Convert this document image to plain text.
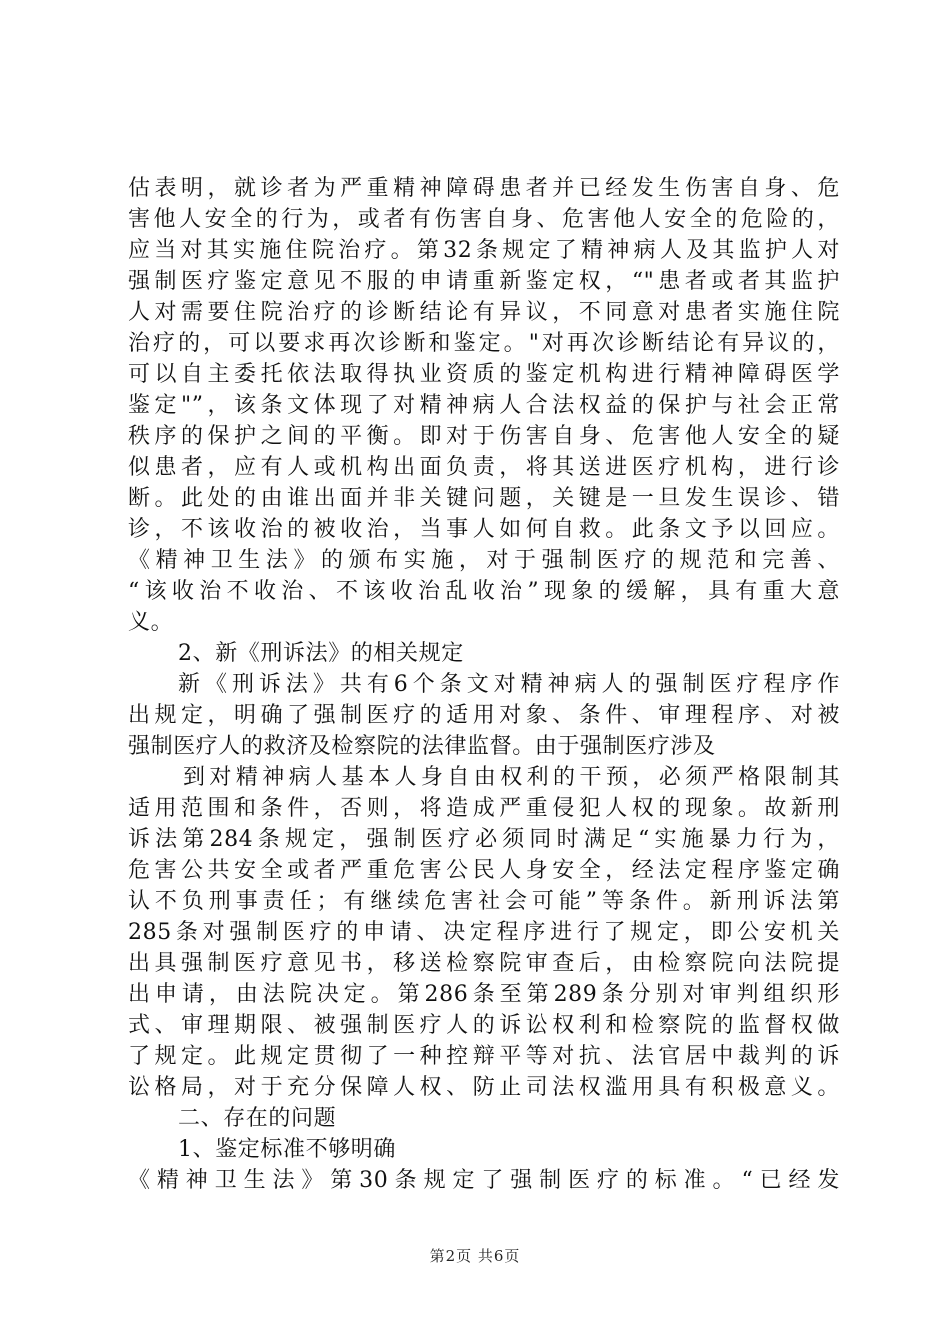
估表明，就诊者为严重精神障碍患者并已经发生伤害自身、危
害他人安全的行为，或者有伤害自身、危害他人安全的危险的，
应当对其实施住院治疗。第32条规定了精神病人及其监护人对
强制医疗鉴定意见不服的申请重新鉴定权，“"患者或者其监护
人对需要住院治疗的诊断结论有异议，不同意对患者实施住院
治疗的，可以要求再次诊断和鉴定。"对再次诊断结论有异议的，
可以自主委托依法取得执业资质的鉴定机构进行精神障碍医学
鉴定"”，该条文体现了对精神病人合法权益的保护与社会正常
秩序的保护之间的平衡。即对于伤害自身、危害他人安全的疑
似患者，应有人或机构出面负责，将其送进医疗机构，进行诊
断。此处的由谁出面并非关键问题，关键是一旦发生误诊、错
诊，不该收治的被收治，当事人如何自救。此条文予以回应。
《精神卫生法》的颁布实施，对于强制医疗的规范和完善、
“该收治不收治、不该收治乱收治”现象的缓解，具有重大意
义。
2、新《刑诉法》的相关规定
新《刑诉法》共有6个条文对精神病人的强制医疗程序作
出规定，明确了强制医疗的适用对象、条件、审理程序、对被
强制医疗人的救济及检察院的法律监督。由于强制医疗涉及
到对精神病人基本人身自由权利的干预，必须严格限制其
适用范围和条件，否则，将造成严重侵犯人权的现象。故新刑
诉法第284条规定，强制医疗必须同时满足“实施暴力行为，
危害公共安全或者严重危害公民人身安全，经法定程序鉴定确
认不负刑事责任；有继续危害社会可能”等条件。新刑诉法第
285条对强制医疗的申请、决定程序进行了规定，即公安机关
出具强制医疗意见书，移送检察院审查后，由检察院向法院提
出申请，由法院决定。第286条至第289条分别对审判组织形
式、审理期限、被强制医疗人的诉讼权利和检察院的监督权做
了规定。此规定贯彻了一种控辩平等对抗、法官居中裁判的诉
讼格局，对于充分保障人权、防止司法权滥用具有积极意义。
二、存在的问题
1、鉴定标准不够明确
《精神卫生法》第30条规定了强制医疗的标准。“已经发
第2页 共6页
